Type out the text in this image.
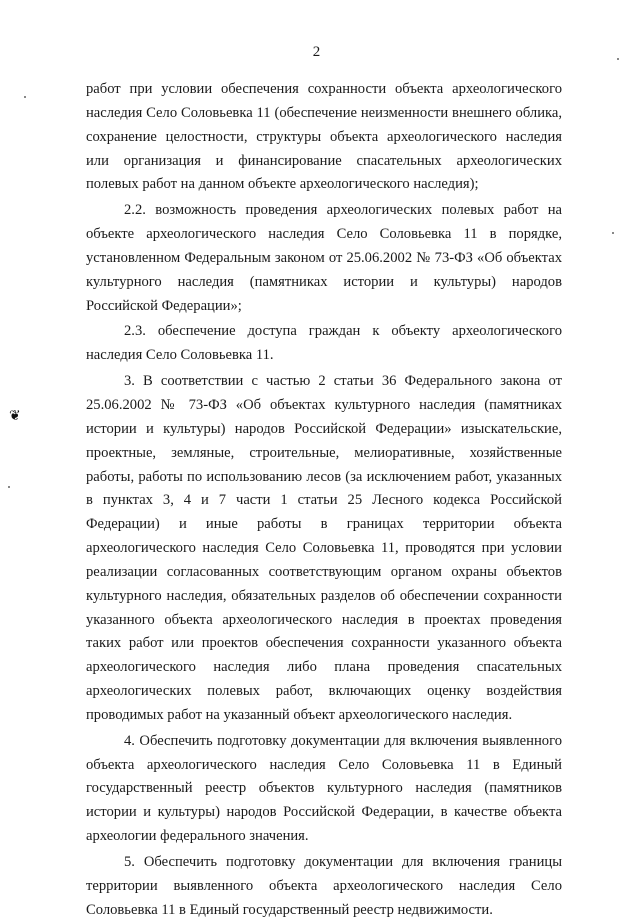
2
❦

работ при условии обеспечения сохранности объекта археологического наследия Село Соловьевка 11 (обеспечение неизменности внешнего облика, сохранение целостности, структуры объекта археологического наследия или организация и финансирование спасательных археологических полевых работ на данном объекте археологического наследия);

2.2. возможность проведения археологических полевых работ на объекте археологического наследия Село Соловьевка 11 в порядке, установленном Федеральным законом от 25.06.2002 № 73-ФЗ «Об объектах культурного наследия (памятниках истории и культуры) народов Российской Федерации»;

2.3. обеспечение доступа граждан к объекту археологического наследия Село Соловьевка 11.

3. В соответствии с частью 2 статьи 36 Федерального закона от 25.06.2002 № 73-ФЗ «Об объектах культурного наследия (памятниках истории и культуры) народов Российской Федерации» изыскательские, проектные, земляные, строительные, мелиоративные, хозяйственные работы, работы по использованию лесов (за исключением работ, указанных в пунктах 3, 4 и 7 части 1 статьи 25 Лесного кодекса Российской Федерации) и иные работы в границах территории объекта археологического наследия Село Соловьевка 11, проводятся при условии реализации согласованных соответствующим органом охраны объектов культурного наследия, обязательных разделов об обеспечении сохранности указанного объекта археологического наследия в проектах проведения таких работ или проектов обеспечения сохранности указанного объекта археологического наследия либо плана проведения спасательных археологических полевых работ, включающих оценку воздействия проводимых работ на указанный объект археологического наследия.

4. Обеспечить подготовку документации для включения выявленного объекта археологического наследия Село Соловьевка 11 в Единый государственный реестр объектов культурного наследия (памятников истории и культуры) народов Российской Федерации, в качестве объекта археологии федерального значения.

5. Обеспечить подготовку документации для включения границы территории выявленного объекта археологического наследия Село Соловьевка 11 в Единый государственный реестр недвижимости.
